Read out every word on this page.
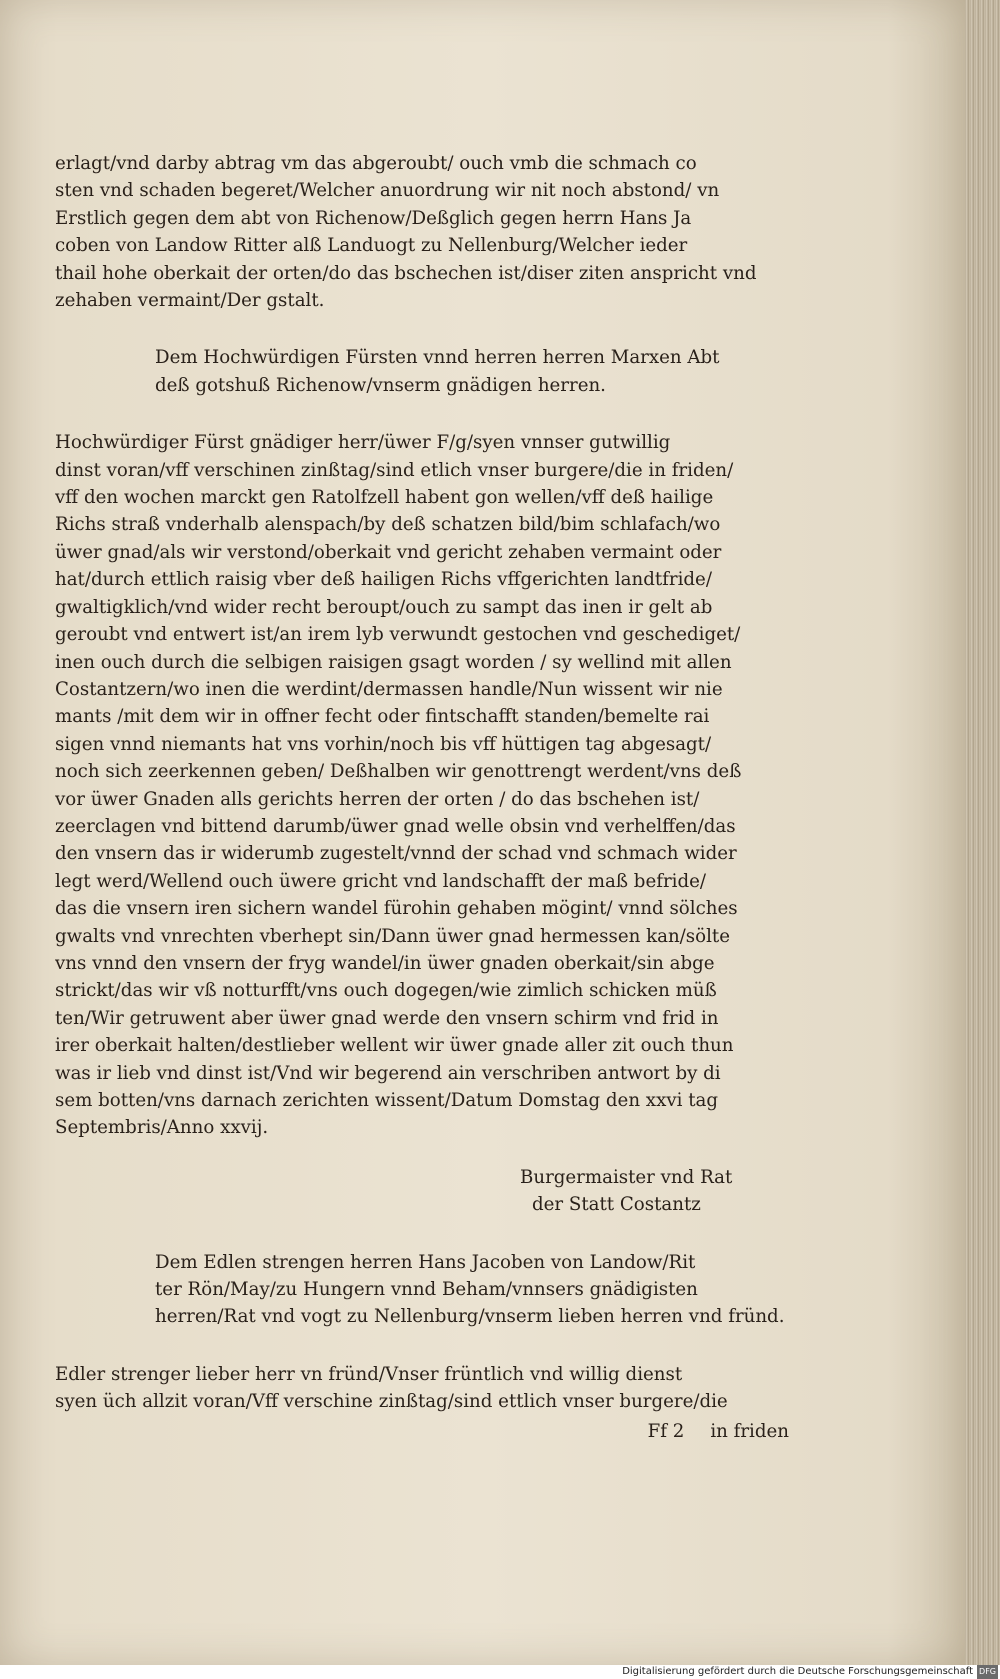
erlagt/vnd darby abtrag vm das abgeroubt/ ouch vmb die schmach co
sten vnd schaden begeret/Welcher anuordrung wir nit noch abstond/ vn
Erstlich gegen dem abt von Richenow/Deßglich gegen herrn Hans Ja
coben von Landow Ritter alß Landuogt zu Nellenburg/Welcher ieder
thail hohe oberkait der orten/do das bschechen ist/diser ziten anspricht vnd
zehaben vermaint/Der gstalt.
Dem Hochwürdigen Fürsten vnnd herren herren Marxen Abt
deß gotshuß Richenow/vnserm gnädigen herren.
Hochwürdiger Fürst gnädiger herr/üwer F/g/syen vnnser gutwillig
dinst voran/vff verschinen zinßtag/sind etlich vnser burgere/die in friden/
vff den wochen marckt gen Ratolfzell habent gon wellen/vff deß hailige
Richs straß vnderhalb alenspach/by deß schatzen bild/bim schlafach/wo
üwer gnad/als wir verstond/oberkait vnd gericht zehaben vermaint oder
hat/durch ettlich raisig vber deß hailigen Richs vffgerichten landtfride/
gwaltigklich/vnd wider recht beroupt/ouch zu sampt das inen ir gelt ab
geroubt vnd entwert ist/an irem lyb verwundt gestochen vnd geschediget/
inen ouch durch die selbigen raisigen gsagt worden / sy wellind mit allen
Costantzern/wo inen die werdint/dermassen handle/Nun wissent wir nie
mants /mit dem wir in offner fecht oder fintschafft standen/bemelte rai
sigen vnnd niemants hat vns vorhin/noch bis vff hüttigen tag abgesagt/
noch sich zeerkennen geben/ Deßhalben wir genottrengt werdent/vns deß
vor üwer Gnaden alls gerichts herren der orten / do das bschehen ist/
zeerclagen vnd bittend darumb/üwer gnad welle obsin vnd verhelffen/das
den vnsern das ir widerumb zugestelt/vnnd der schad vnd schmach wider
legt werd/Wellend ouch üwere gricht vnd landschafft der maß befride/
das die vnsern iren sichern wandel fürohin gehaben mögint/ vnnd sölches
gwalts vnd vnrechten vberhept sin/Dann üwer gnad hermessen kan/sölte
vns vnnd den vnsern der fryg wandel/in üwer gnaden oberkait/sin abge
strickt/das wir vß notturfft/vns ouch dogegen/wie zimlich schicken müß
ten/Wir getruwent aber üwer gnad werde den vnsern schirm vnd frid in
irer oberkait halten/destlieber wellent wir üwer gnade aller zit ouch thun
was ir lieb vnd dinst ist/Vnd wir begerend ain verschriben antwort by di
sem botten/vns darnach zerichten wissent/Datum Domstag den xxvi tag
Septembris/Anno xxvij.
Burgermaister vnd Rat
der Statt Costantz
Dem Edlen strengen herren Hans Jacoben von Landow/Rit
ter Rön/May/zu Hungern vnnd Beham/vnnsers gnädigisten
herren/Rat vnd vogt zu Nellenburg/vnserm lieben herren vnd fründ.
Edler strenger lieber herr vn fründ/Vnser früntlich vnd willig dienst
syen üch allzit voran/Vff verschine zinßtag/sind ettlich vnser burgere/die
Ff 2 in friden
Digitalisierung gefördert durch die Deutsche Forschungsgemeinschaft DFG
